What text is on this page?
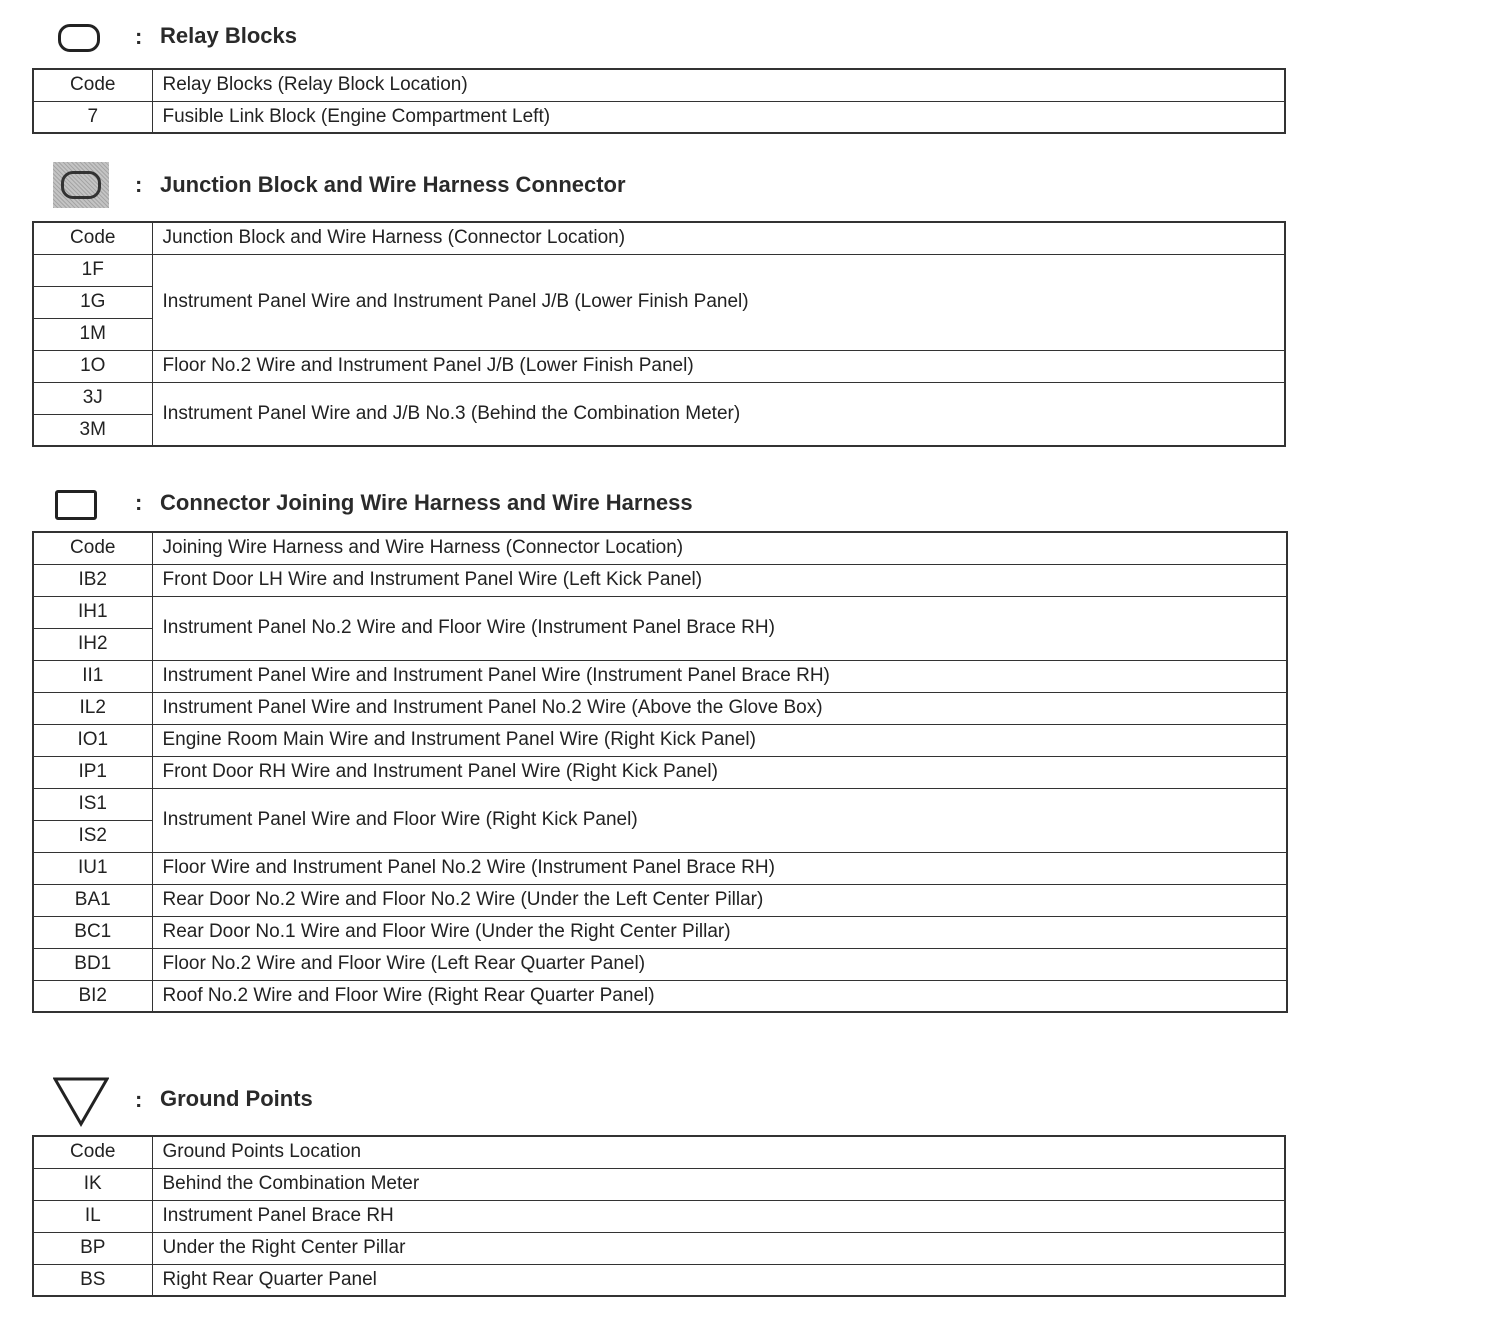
: Relay Blocks
Code	Relay Blocks (Relay Block Location)
7	Fusible Link Block (Engine Compartment Left)
: Junction Block and Wire Harness Connector
Code	Junction Block and Wire Harness (Connector Location)
1F	Instrument Panel Wire and Instrument Panel J/B (Lower Finish Panel)
1G	
1M	
1O	Floor No.2 Wire and Instrument Panel J/B (Lower Finish Panel)
3J	Instrument Panel Wire and J/B No.3 (Behind the Combination Meter)
3M	
: Connector Joining Wire Harness and Wire Harness
Code	Joining Wire Harness and Wire Harness (Connector Location)
IB2	Front Door LH Wire and Instrument Panel Wire (Left Kick Panel)
IH1	Instrument Panel No.2 Wire and Floor Wire (Instrument Panel Brace RH)
IH2	
II1	Instrument Panel Wire and Instrument Panel Wire (Instrument Panel Brace RH)
IL2	Instrument Panel Wire and Instrument Panel No.2 Wire (Above the Glove Box)
IO1	Engine Room Main Wire and Instrument Panel Wire (Right Kick Panel)
IP1	Front Door RH Wire and Instrument Panel Wire (Right Kick Panel)
IS1	Instrument Panel Wire and Floor Wire (Right Kick Panel)
IS2	
IU1	Floor Wire and Instrument Panel No.2 Wire (Instrument Panel Brace RH)
BA1	Rear Door No.2 Wire and Floor No.2 Wire (Under the Left Center Pillar)
BC1	Rear Door No.1 Wire and Floor Wire (Under the Right Center Pillar)
BD1	Floor No.2 Wire and Floor Wire (Left Rear Quarter Panel)
BI2	Roof No.2 Wire and Floor Wire (Right Rear Quarter Panel)
: Ground Points
Code	Ground Points Location
IK	Behind the Combination Meter
IL	Instrument Panel Brace RH
BP	Under the Right Center Pillar
BS	Right Rear Quarter Panel
